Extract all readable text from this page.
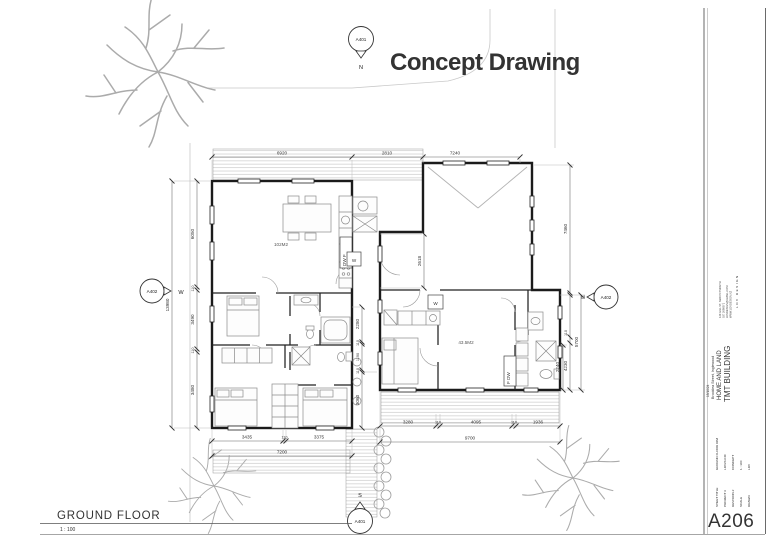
6920	2810	7240
13980
6050
110
3490
110
3480
7460
5700
110
4230
2240
2280
110
1190
110
3060
2618
3435	110	3375
7200
3280	110	4095	110	1936
9700
102M2
43.5M2
DW F W
W
F DW
A401
N
S
A401
A402	W
A402
E
Concept Drawing
GROUND FLOOR
1 : 100
LDV DESIGN
129 GILL ST, NEW PLYMOUTH 027 2098071 LDVDESIGN@GMAIL.COM WWW.LDVDESIGN.NZ
TMT BUILDING
HOME AND LAND
Brooklea Street, Inglewood
15/10/24
SHEET TITLE
GROUND FLOOR DIM
PROJECT #
LDV24-040
REVISION #
CONCEPT
SCALE
1 : 100
DRAWN
LDV
A206
